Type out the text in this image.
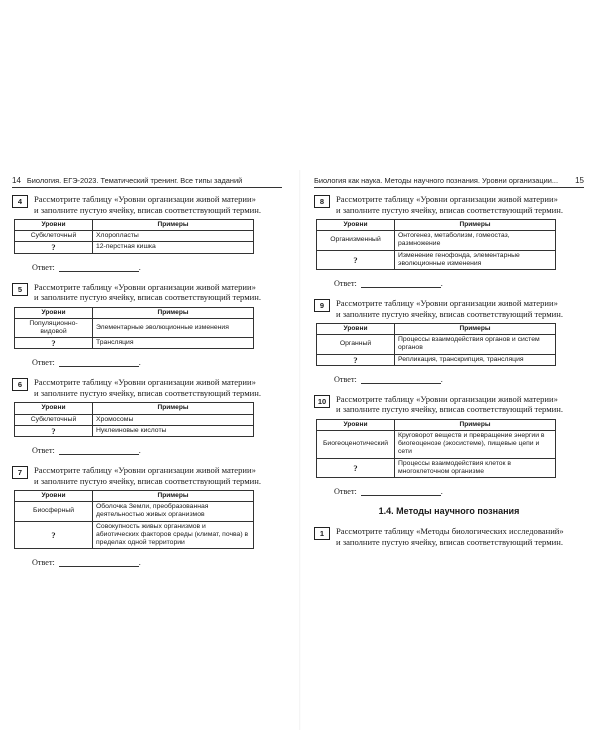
14 Биология. ЕГЭ-2023. Тематический тренинг. Все типы заданий
4	Рассмотрите таблицу «Уровни организации живой материи»
и заполните пустую ячейку, вписав соответствующий термин.
Уровни	Примеры
Субклеточный	Хлоропласты
?	12-перстная кишка
Ответ:	.
5	Рассмотрите таблицу «Уровни организации живой материи»
и заполните пустую ячейку, вписав соответствующий термин.
Уровни	Примеры
Популяционно-видовой	Элементарные эволюционные изменения
?	Трансляция
Ответ:	.
6	Рассмотрите таблицу «Уровни организации живой материи»
и заполните пустую ячейку, вписав соответствующий термин.
Уровни	Примеры
Субклеточный	Хромосомы
?	Нуклеиновые кислоты
Ответ:	.
7	Рассмотрите таблицу «Уровни организации живой материи»
и заполните пустую ячейку, вписав соответствующий термин.
Уровни	Примеры
Биосферный	Оболочка Земли, преобразованная деятельностью живых организмов
?	Совокупность живых организмов и абиотических факторов среды (климат, почва) в пределах одной территории
Ответ:	.
Биология как наука. Методы научного познания. Уровни организации... 15
8	Рассмотрите таблицу «Уровни организации живой материи»
и заполните пустую ячейку, вписав соответствующий термин.
Уровни	Примеры
Организменный	Онтогенез, метаболизм, гомеостаз, размножение
?	Изменение генофонда, элементарные эволюционные изменения
Ответ:	.
9	Рассмотрите таблицу «Уровни организации живой материи»
и заполните пустую ячейку, вписав соответствующий термин.
Уровни	Примеры
Органный	Процессы взаимодействия органов и систем органов
?	Репликация, транскрипция, трансляция
Ответ:	.
10	Рассмотрите таблицу «Уровни организации живой материи»
и заполните пустую ячейку, вписав соответствующий термин.
Уровни	Примеры
Биогеоценотический	Круговорот веществ и превращение энергии в биогеоценозе (экосистеме), пищевые цепи и сети
?	Процессы взаимодействия клеток в многоклеточном организме
Ответ:	.
1.4. Методы научного познания
1	Рассмотрите таблицу «Методы биологических исследований»
и заполните пустую ячейку, вписав соответствующий термин.
